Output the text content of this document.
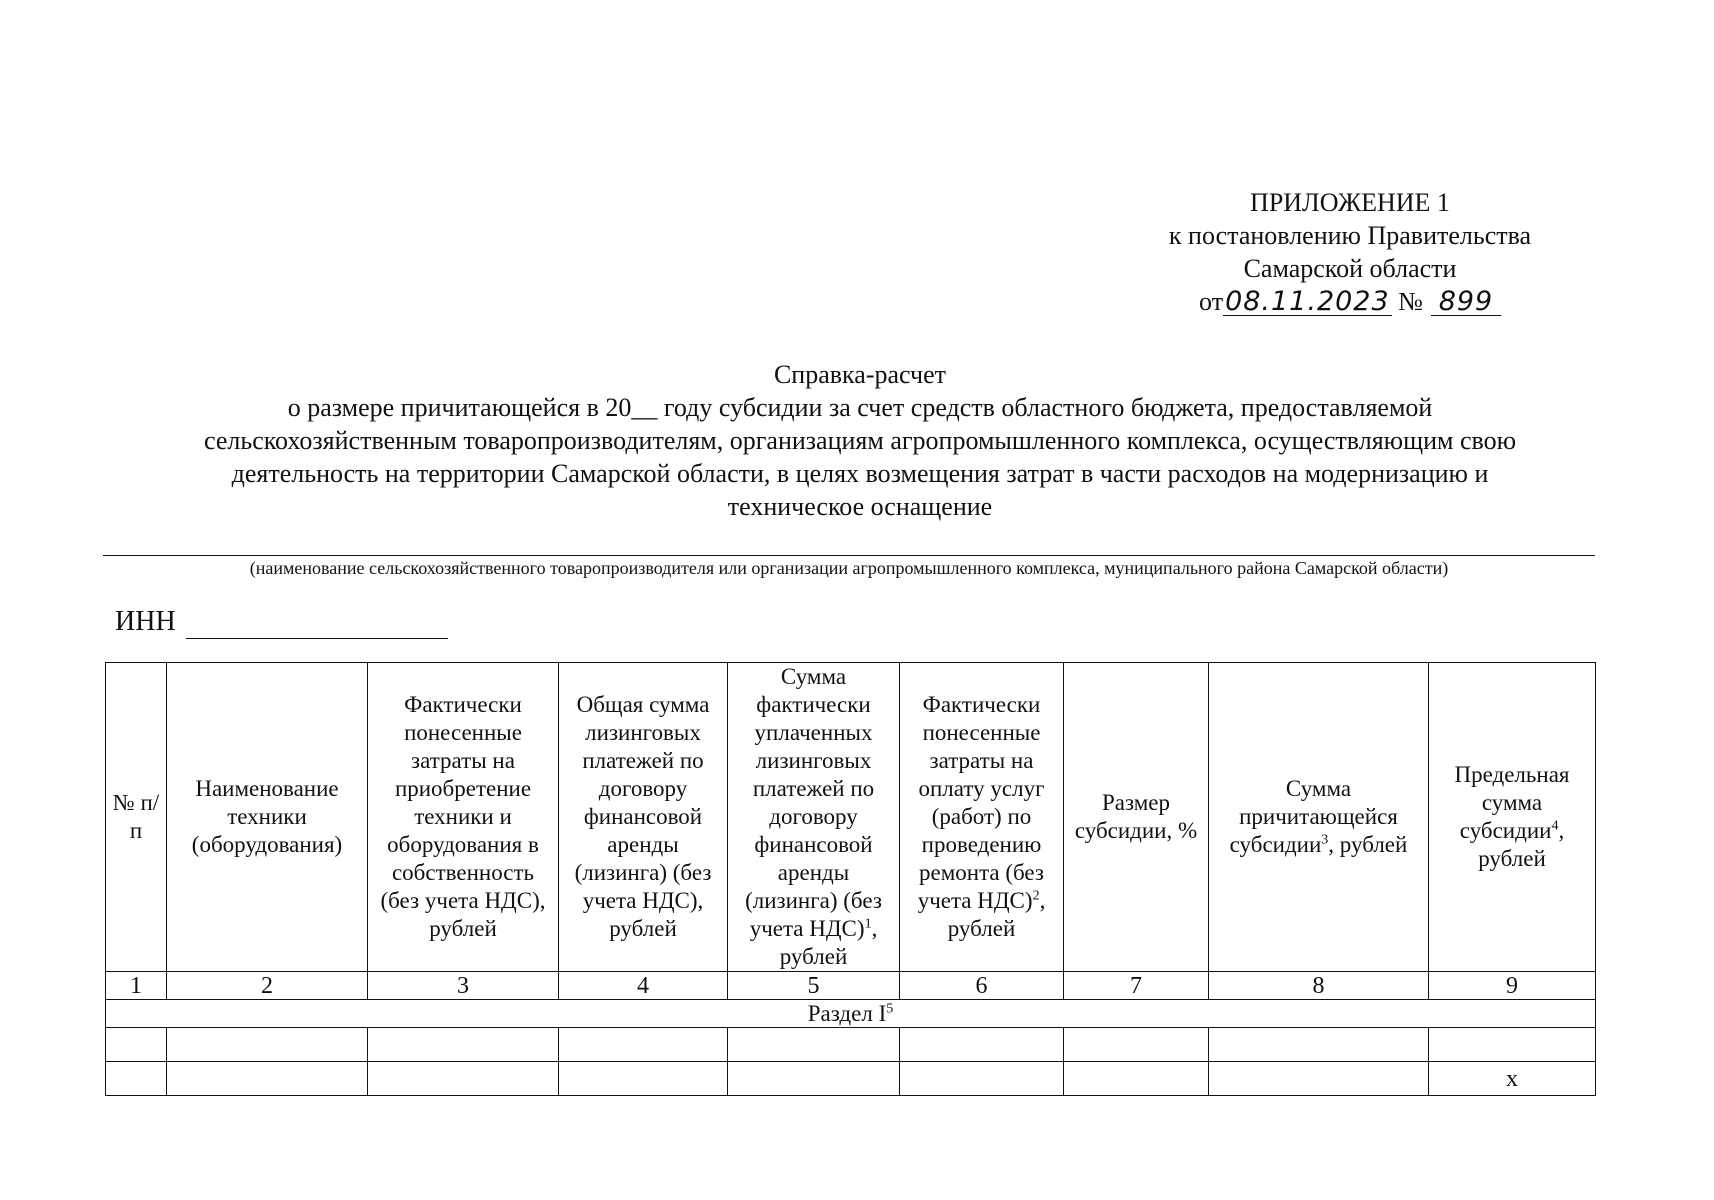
ПРИЛОЖЕНИЕ 1
к постановлению Правительства
Самарской области
от08.11.2023 № 899
Справка-расчет
о размере причитающейся в 20__ году субсидии за счет средств областного бюджета, предоставляемой
сельскохозяйственным товаропроизводителям, организациям агропромышленного комплекса, осуществляющим свою
деятельность на территории Самарской области, в целях возмещения затрат в части расходов на модернизацию и
техническое оснащение
(наименование сельскохозяйственного товаропроизводителя или организации агропромышленного комплекса, муниципального района Самарской области)
ИНН
№ п/п	Наименование техники (оборудования)	Фактически понесенные затраты на приобретение техники и оборудования в собственность (без учета НДС), рублей	Общая сумма лизинговых платежей по договору финансовой аренды (лизинга) (без учета НДС), рублей	Сумма фактически уплаченных лизинговых платежей по договору финансовой аренды (лизинга) (без учета НДС)$^1$, рублей	Фактически понесенные затраты на оплату услуг (работ) по проведению ремонта (без учета НДС)$^2$, рублей	Размер субсидии, %	Сумма причитающейся субсидии$^3$, рублей	Предельная сумма субсидии$^4$, рублей
1	2	3	4	5	6	7	8	9
Раздел $I^5$

								х
